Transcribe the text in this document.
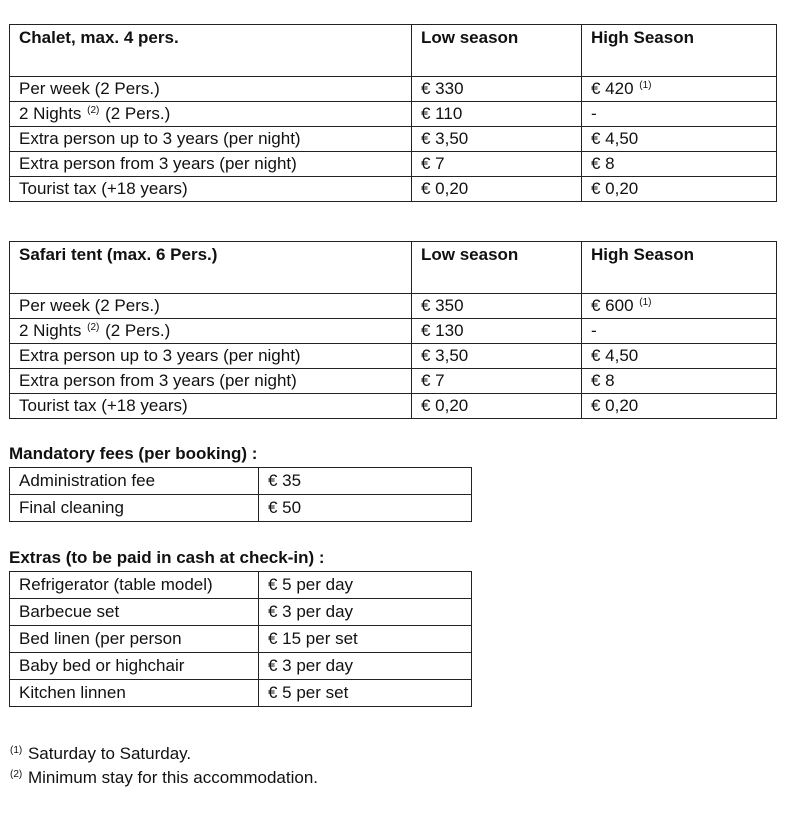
Chalet, max. 4 pers.	Low season	High Season
Per week (2 Pers.)	€ 330	€ 420 $^{(1)}$
2 Nights $^{(2)}$ (2 Pers.)	€ 110	-
Extra person up to 3 years (per night)	€ 3,50	€ 4,50
Extra person from 3 years (per night)	€ 7	€ 8
Tourist tax (+18 years)	€ 0,20	€ 0,20
Safari tent (max. 6 Pers.)	Low season	High Season
Per week (2 Pers.)	€ 350	€ 600 $^{(1)}$
2 Nights $^{(2)}$ (2 Pers.)	€ 130	-
Extra person up to 3 years (per night)	€ 3,50	€ 4,50
Extra person from 3 years (per night)	€ 7	€ 8
Tourist tax (+18 years)	€ 0,20	€ 0,20

Mandatory fees (per booking) :

Administration fee	€ 35
Final cleaning	€ 50

Extras (to be paid in cash at check-in) :

Refrigerator (table model)	€ 5 per day
Barbecue set	€ 3 per day
Bed linen (per person	€ 15 per set
Baby bed or highchair	€ 3 per day
Kitchen linnen	€ 5 per set

$^{(1)}$ Saturday to Saturday.

$^{(2)}$ Minimum stay for this accommodation.
